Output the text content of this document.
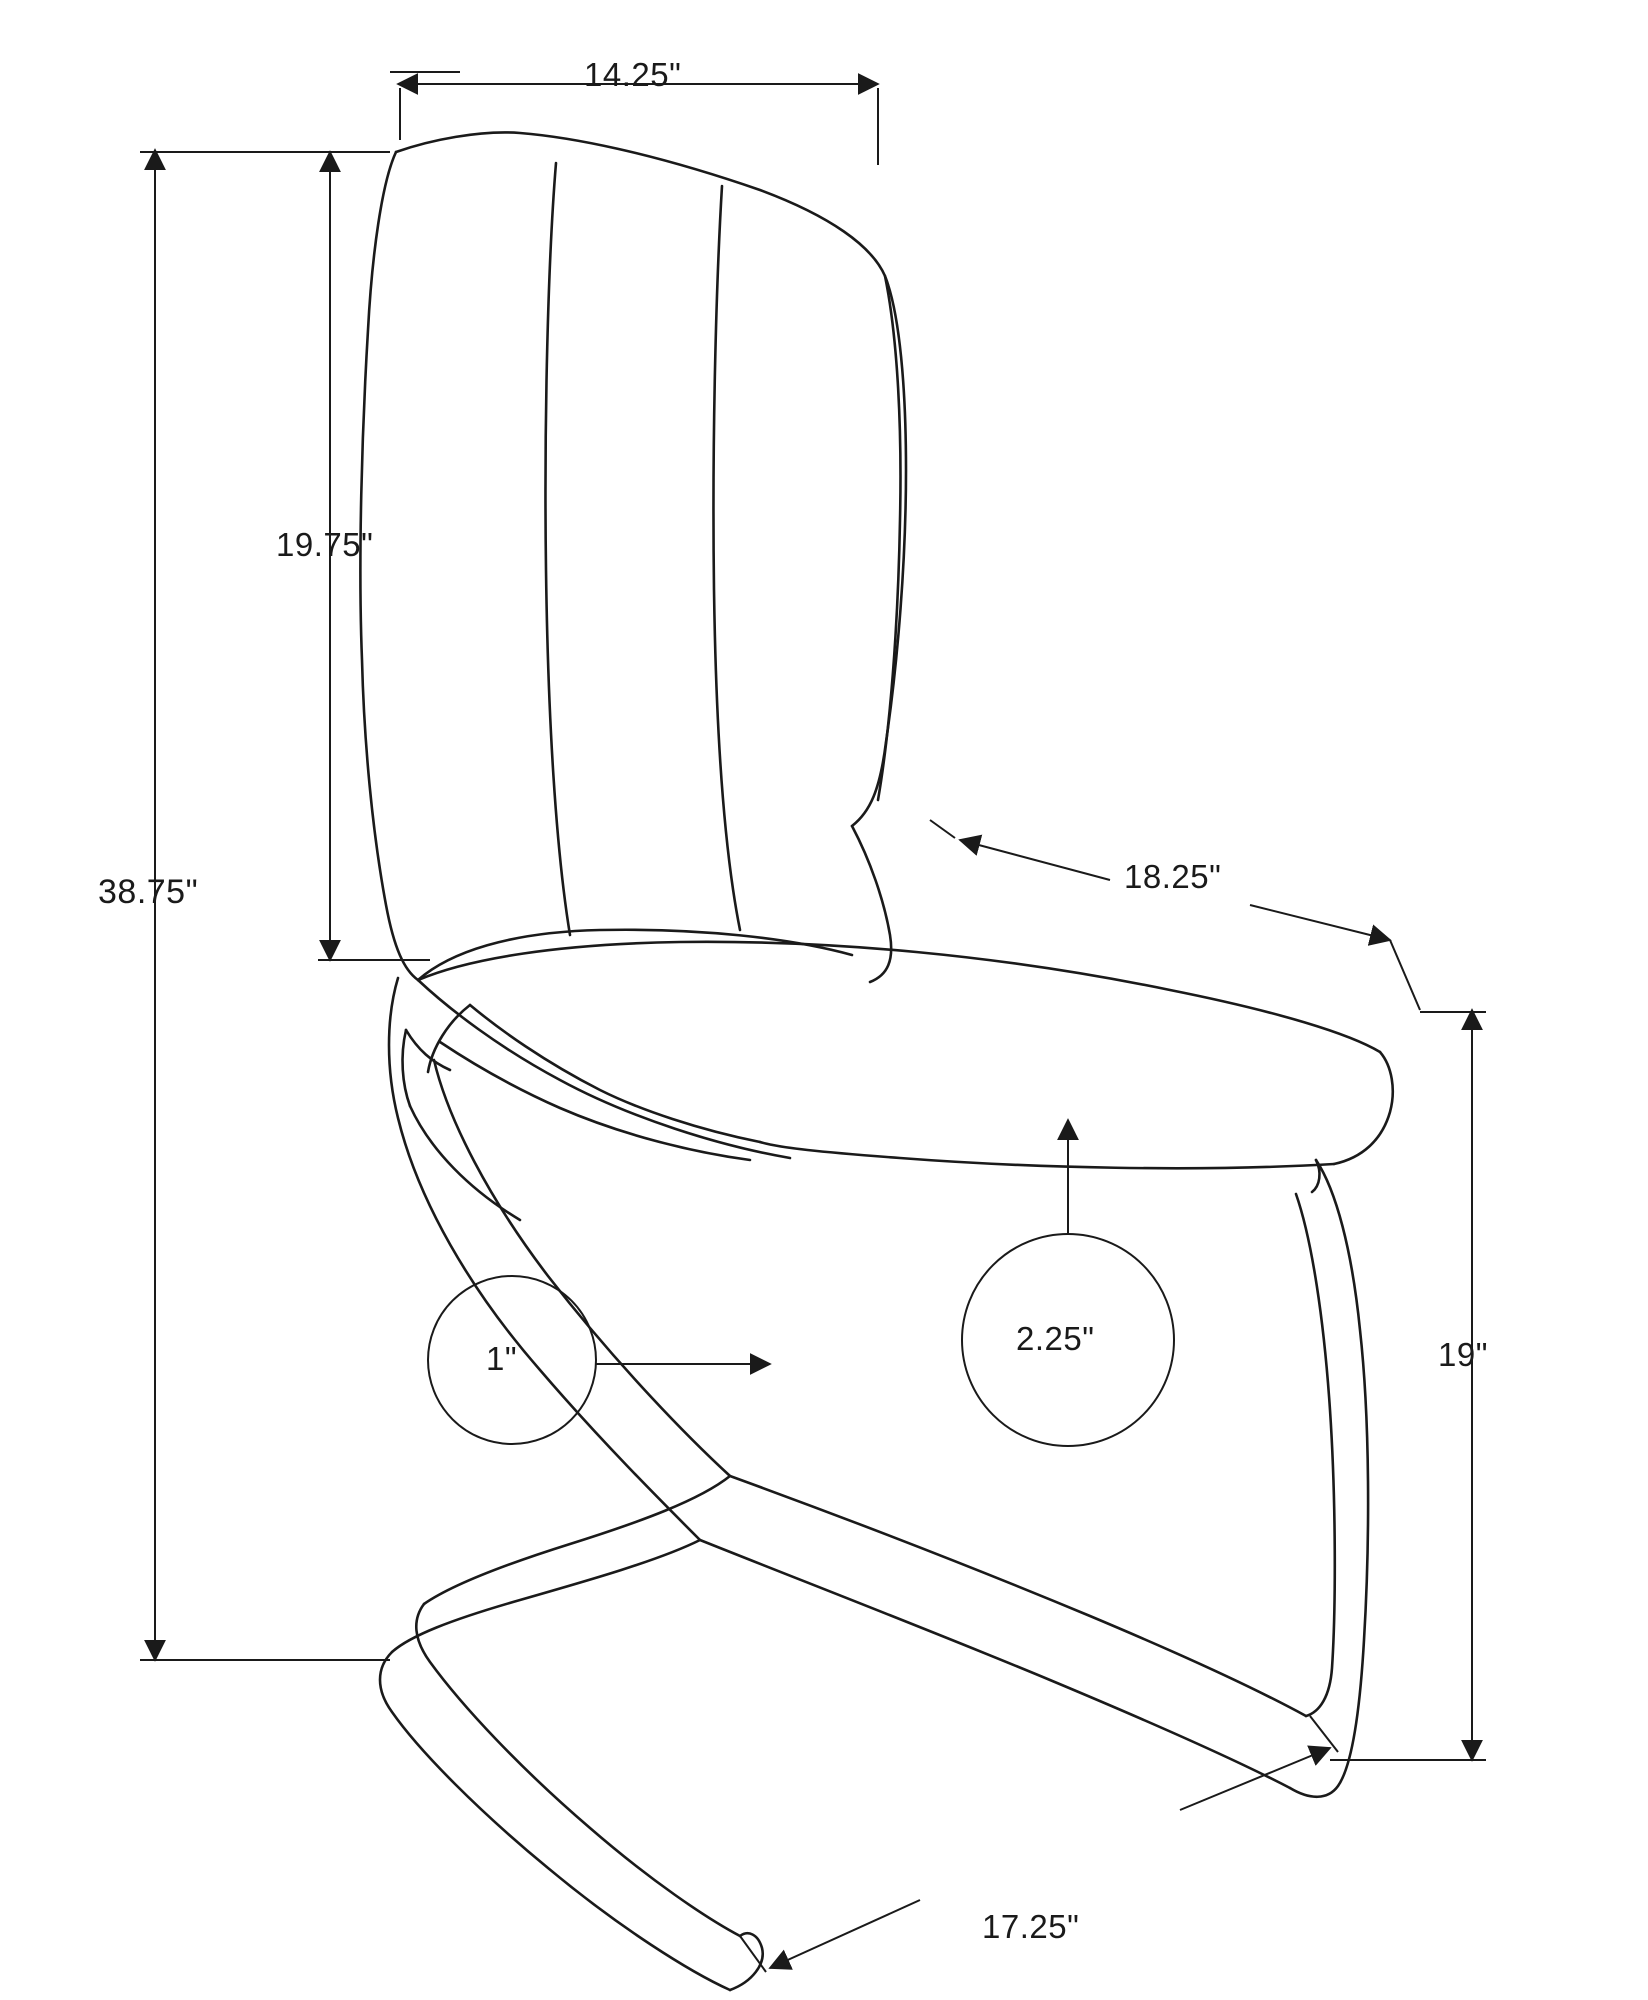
14.25"
19.75"
38.75"	18.25"
19"
1"
2.25"
17.25"
